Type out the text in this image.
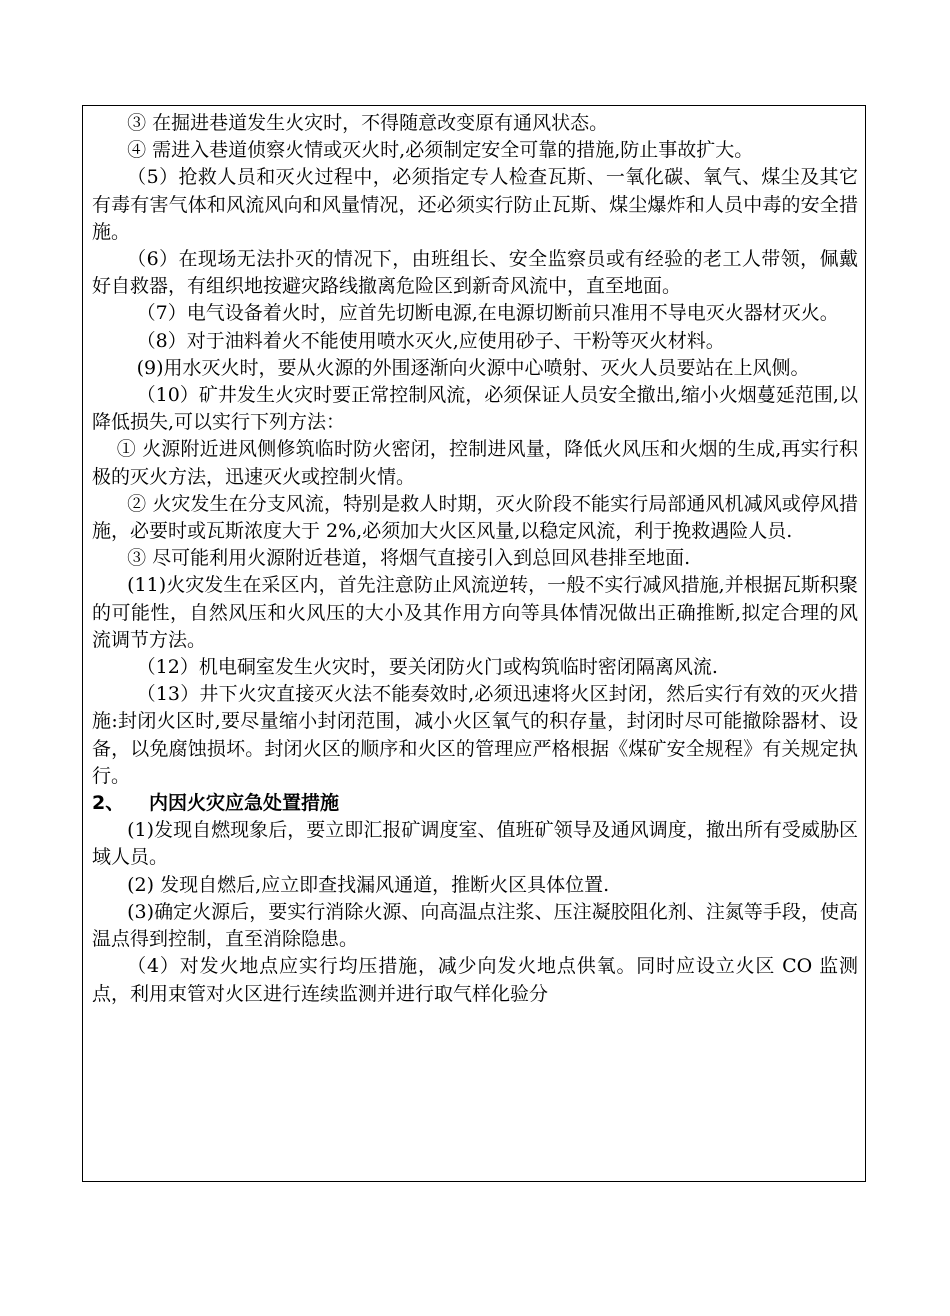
③ 在掘进巷道发生火灾时，不得随意改变原有通风状态。

④ 需进入巷道侦察火情或灭火时,必须制定安全可靠的措施,防止事故扩大。

（5）抢救人员和灭火过程中，必须指定专人检查瓦斯、一氧化碳、氧气、煤尘及其它有毒有害气体和风流风向和风量情况，还必须实行防止瓦斯、煤尘爆炸和人员中毒的安全措施。

（6）在现场无法扑灭的情况下，由班组长、安全监察员或有经验的老工人带领，佩戴好自救器，有组织地按避灾路线撤离危险区到新奇风流中，直至地面。

（7）电气设备着火时，应首先切断电源,在电源切断前只准用不导电灭火器材灭火。

（8）对于油料着火不能使用喷水灭火,应使用砂子、干粉等灭火材料。

(9)用水灭火时，要从火源的外围逐渐向火源中心喷射、灭火人员要站在上风侧。

（10）矿井发生火灾时要正常控制风流，必须保证人员安全撤出,缩小火烟蔓延范围,以降低损失,可以实行下列方法：

① 火源附近进风侧修筑临时防火密闭，控制进风量，降低火风压和火烟的生成,再实行积极的灭火方法，迅速灭火或控制火情。

② 火灾发生在分支风流，特别是救人时期，灭火阶段不能实行局部通风机减风或停风措施，必要时或瓦斯浓度大于 2%,必须加大火区风量,以稳定风流，利于挽救遇险人员.

③ 尽可能利用火源附近巷道，将烟气直接引入到总回风巷排至地面.

(11)火灾发生在采区内，首先注意防止风流逆转，一般不实行减风措施,并根据瓦斯积聚的可能性，自然风压和火风压的大小及其作用方向等具体情况做出正确推断,拟定合理的风流调节方法。

（12）机电硐室发生火灾时，要关闭防火门或构筑临时密闭隔离风流.

（13）井下火灾直接灭火法不能奏效时,必须迅速将火区封闭，然后实行有效的灭火措施:封闭火区时,要尽量缩小封闭范围，减小火区氧气的积存量，封闭时尽可能撤除器材、设备，以免腐蚀损坏。封闭火区的顺序和火区的管理应严格根据《煤矿安全规程》有关规定执行。

2、 内因火灾应急处置措施

(1)发现自燃现象后，要立即汇报矿调度室、值班矿领导及通风调度，撤出所有受威胁区域人员。

(2) 发现自燃后,应立即查找漏风通道，推断火区具体位置.

(3)确定火源后，要实行消除火源、向高温点注浆、压注凝胶阻化剂、注氮等手段，使高温点得到控制，直至消除隐患。

（4）对发火地点应实行均压措施，减少向发火地点供氧。同时应设立火区 CO 监测点，利用束管对火区进行连续监测并进行取气样化验分
